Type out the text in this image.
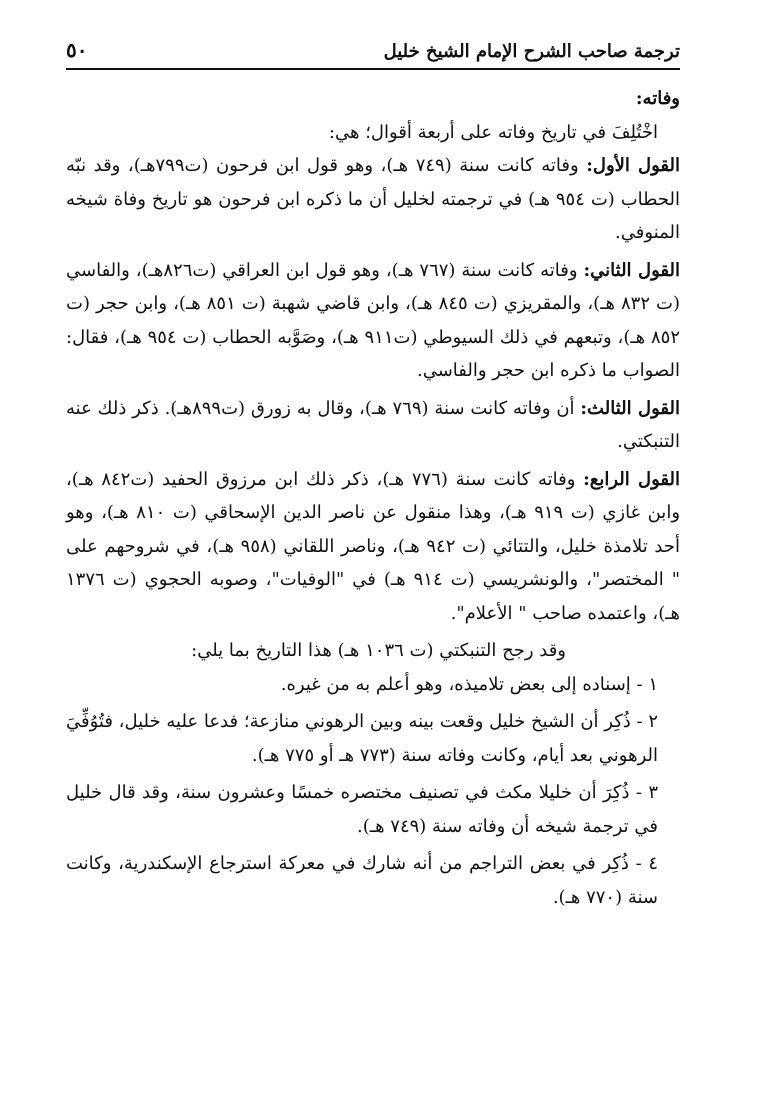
ترجمة صاحب الشرح الإمام الشيخ خليل
٥٠

وفاته:

اخْتُلِفَ في تاريخ وفاته على أربعة أقوال؛ هي:

القول الأول: وفاته كانت سنة (٧٤٩ هـ)، وهو قول ابن فرحون (ت٧٩٩هـ)، وقد نبّه الحطاب (ت ٩٥٤ هـ) في ترجمته لخليل أن ما ذكره ابن فرحون هو تاريخ وفاة شيخه المنوفي.

القول الثاني: وفاته كانت سنة (٧٦٧ هـ)، وهو قول ابن العراقي (ت٨٢٦هـ)، والفاسي (ت ٨٣٢ هـ)، والمقريزي (ت ٨٤٥ هـ)، وابن قاضي شهبة (ت ٨٥١ هـ)، وابن حجر (ت ٨٥٢ هـ)، وتبعهم في ذلك السيوطي (ت٩١١ هـ)، وصَوَّبه الحطاب (ت ٩٥٤ هـ)، فقال: الصواب ما ذكره ابن حجر والفاسي.

القول الثالث: أن وفاته كانت سنة (٧٦٩ هـ)، وقال به زورق (ت٨٩٩هـ). ذكر ذلك عنه التنبكتي.

القول الرابع: وفاته كانت سنة (٧٧٦ هـ)، ذكر ذلك ابن مرزوق الحفيد (ت٨٤٢ هـ)، وابن غازي (ت ٩١٩ هـ)، وهذا منقول عن ناصر الدين الإسحاقي (ت ٨١٠ هـ)، وهو أحد تلامذة خليل، والتتائي (ت ٩٤٢ هـ)، وناصر اللقاني (٩٥٨ هـ)، في شروحهم على " المختصر"، والونشريسي (ت ٩١٤ هـ) في "الوفيات"، وصوبه الحجوي (ت ١٣٧٦ هـ)، واعتمده صاحب " الأعلام".

وقد رجح التنبكتي (ت ١٠٣٦ هـ) هذا التاريخ بما يلي:

١ - إسناده إلى بعض تلاميذه، وهو أعلم به من غيره.

٢ - ذُكِر أن الشيخ خليل وقعت بينه وبين الرهوني منازعة؛ فدعا عليه خليل، فتُوُفِّيَ الرهوني بعد أيام، وكانت وفاته سنة (٧٧٣ هـ أو ٧٧٥ هـ).

٣ - ذُكِرَ أن خليلا مكث في تصنيف مختصره خمسًا وعشرون سنة، وقد قال خليل في ترجمة شيخه أن وفاته سنة (٧٤٩ هـ).

٤ - ذُكِر في بعض التراجم من أنه شارك في معركة استرجاع الإسكندرية، وكانت سنة (٧٧٠ هـ).
